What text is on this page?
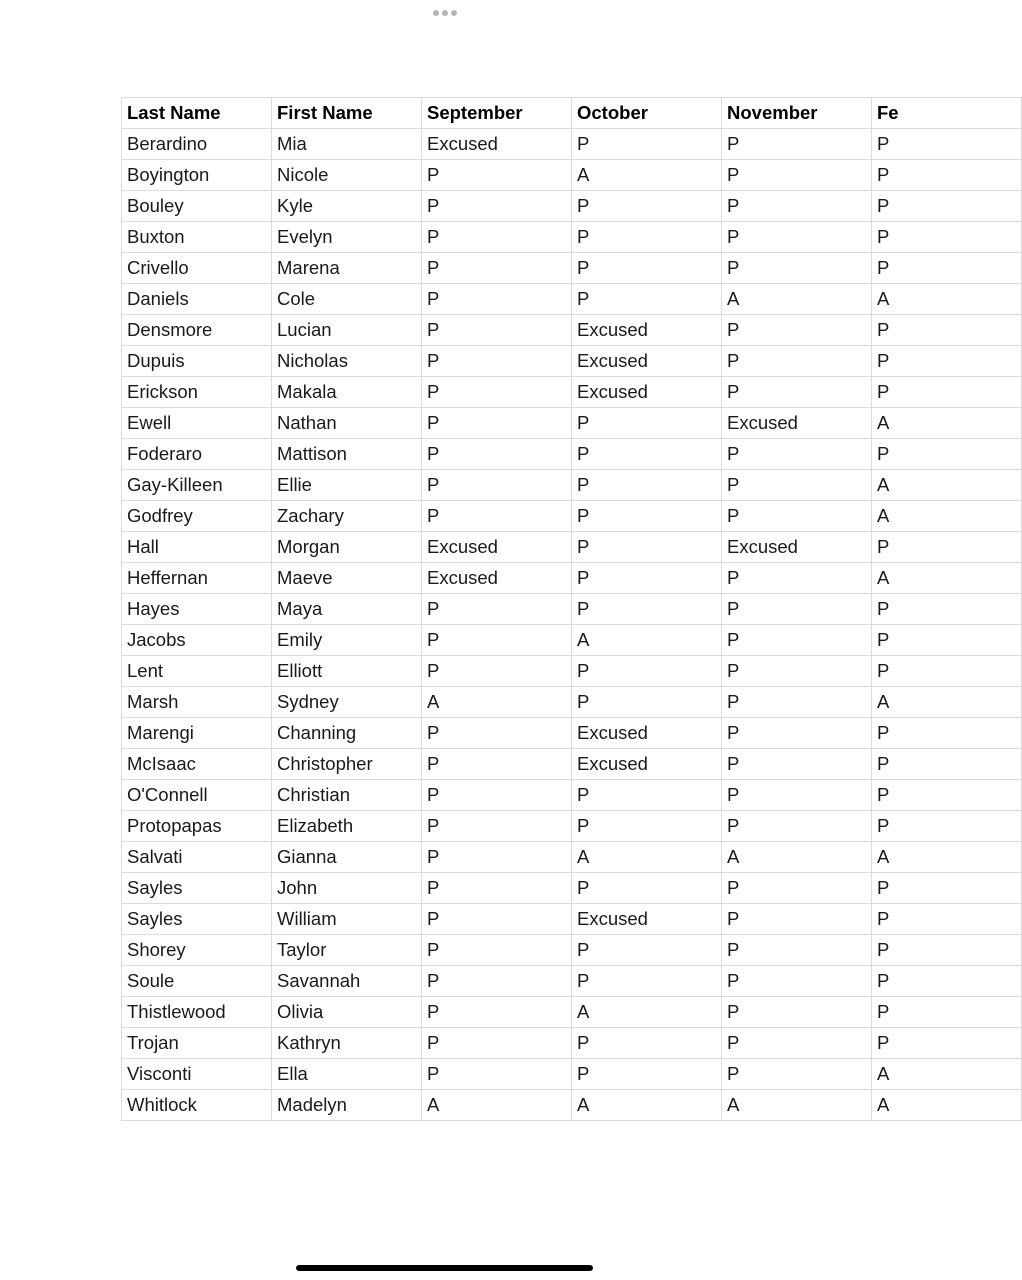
Last Name	First Name	September	October	November	Fe
Berardino	Mia	Excused	P	P	P
Boyington	Nicole	P	A	P	P
Bouley	Kyle	P	P	P	P
Buxton	Evelyn	P	P	P	P
Crivello	Marena	P	P	P	P
Daniels	Cole	P	P	A	A
Densmore	Lucian	P	Excused	P	P
Dupuis	Nicholas	P	Excused	P	P
Erickson	Makala	P	Excused	P	P
Ewell	Nathan	P	P	Excused	A
Foderaro	Mattison	P	P	P	P
Gay-Killeen	Ellie	P	P	P	A
Godfrey	Zachary	P	P	P	A
Hall	Morgan	Excused	P	Excused	P
Heffernan	Maeve	Excused	P	P	A
Hayes	Maya	P	P	P	P
Jacobs	Emily	P	A	P	P
Lent	Elliott	P	P	P	P
Marsh	Sydney	A	P	P	A
Marengi	Channing	P	Excused	P	P
McIsaac	Christopher	P	Excused	P	P
O'Connell	Christian	P	P	P	P
Protopapas	Elizabeth	P	P	P	P
Salvati	Gianna	P	A	A	A
Sayles	John	P	P	P	P
Sayles	William	P	Excused	P	P
Shorey	Taylor	P	P	P	P
Soule	Savannah	P	P	P	P
Thistlewood	Olivia	P	A	P	P
Trojan	Kathryn	P	P	P	P
Visconti	Ella	P	P	P	A
Whitlock	Madelyn	A	A	A	A
